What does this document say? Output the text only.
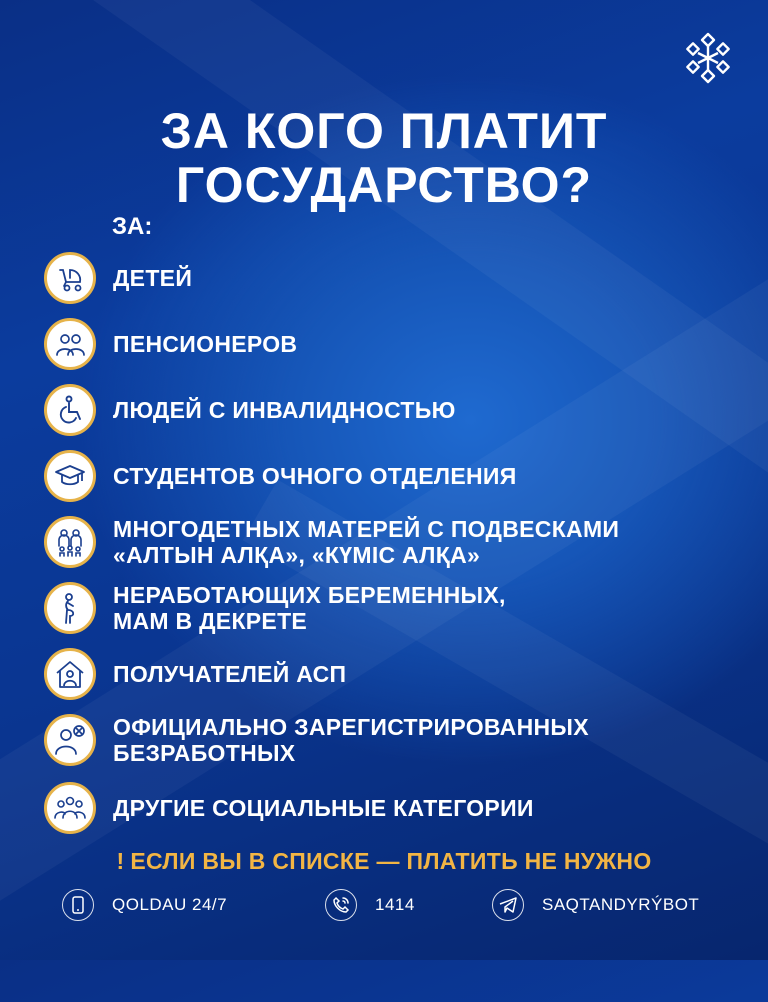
ЗА КОГО ПЛАТИТ
ГОСУДАРСТВО?
ЗА:
ДЕТЕЙ
ПЕНСИОНЕРОВ
ЛЮДЕЙ С ИНВАЛИДНОСТЬЮ
СТУДЕНТОВ ОЧНОГО ОТДЕЛЕНИЯ
МНОГОДЕТНЫХ МАТЕРЕЙ С ПОДВЕСКАМИ
«АЛТЫН АЛҚА», «КҮМІС АЛҚА»
НЕРАБОТАЮЩИХ БЕРЕМЕННЫХ,
МАМ В ДЕКРЕТЕ
ПОЛУЧАТЕЛЕЙ АСП
ОФИЦИАЛЬНО ЗАРЕГИСТРИРОВАННЫХ
БЕЗРАБОТНЫХ
ДРУГИЕ СОЦИАЛЬНЫЕ КАТЕГОРИИ
! ЕСЛИ ВЫ В СПИСКЕ — ПЛАТИТЬ НЕ НУЖНО
QOLDAU 24/7	1414	SAQTANDYRÝBOT
